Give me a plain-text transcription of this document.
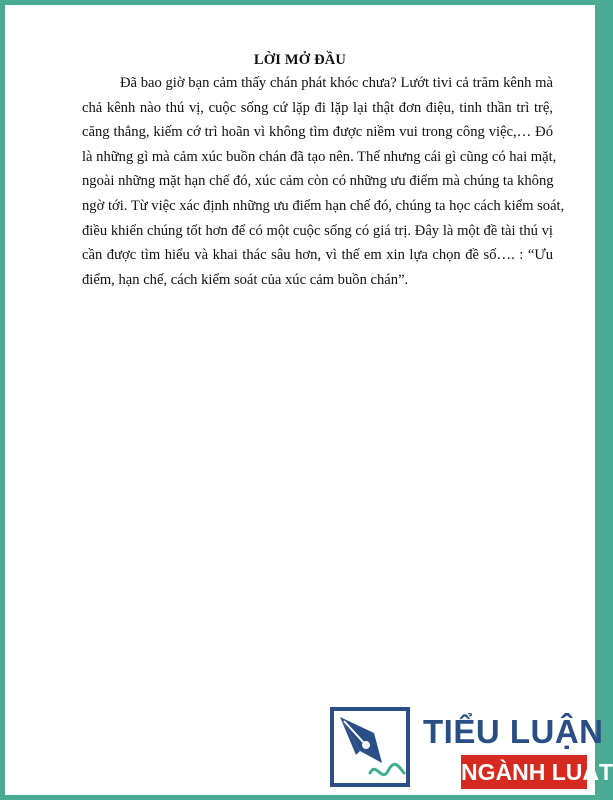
LỜI MỞ ĐẦU
Đã bao giờ bạn cảm thấy chán phát khóc chưa? Lướt tivi cả trăm kênh mà
chả kênh nào thú vị, cuộc sống cứ lặp đi lặp lại thật đơn điệu, tinh thần trì trệ,
căng thẳng, kiếm cớ trì hoãn vì không tìm được niềm vui trong công việc,… Đó
là những gì mà cảm xúc buồn chán đã tạo nên. Thế nhưng cái gì cũng có hai mặt,
ngoài những mặt hạn chế đó, xúc cảm còn có những ưu điểm mà chúng ta không
ngờ tới. Từ việc xác định những ưu điểm hạn chế đó, chúng ta học cách kiểm soát,
điều khiển chúng tốt hơn để có một cuộc sống có giá trị. Đây là một đề tài thú vị
cần được tìm hiểu và khai thác sâu hơn, vì thế em xin lựa chọn đề số…. : “Ưu
điểm, hạn chế, cách kiểm soát của xúc cảm buồn chán”.
TIỂU LUẬN
NGÀNH LUẬT
